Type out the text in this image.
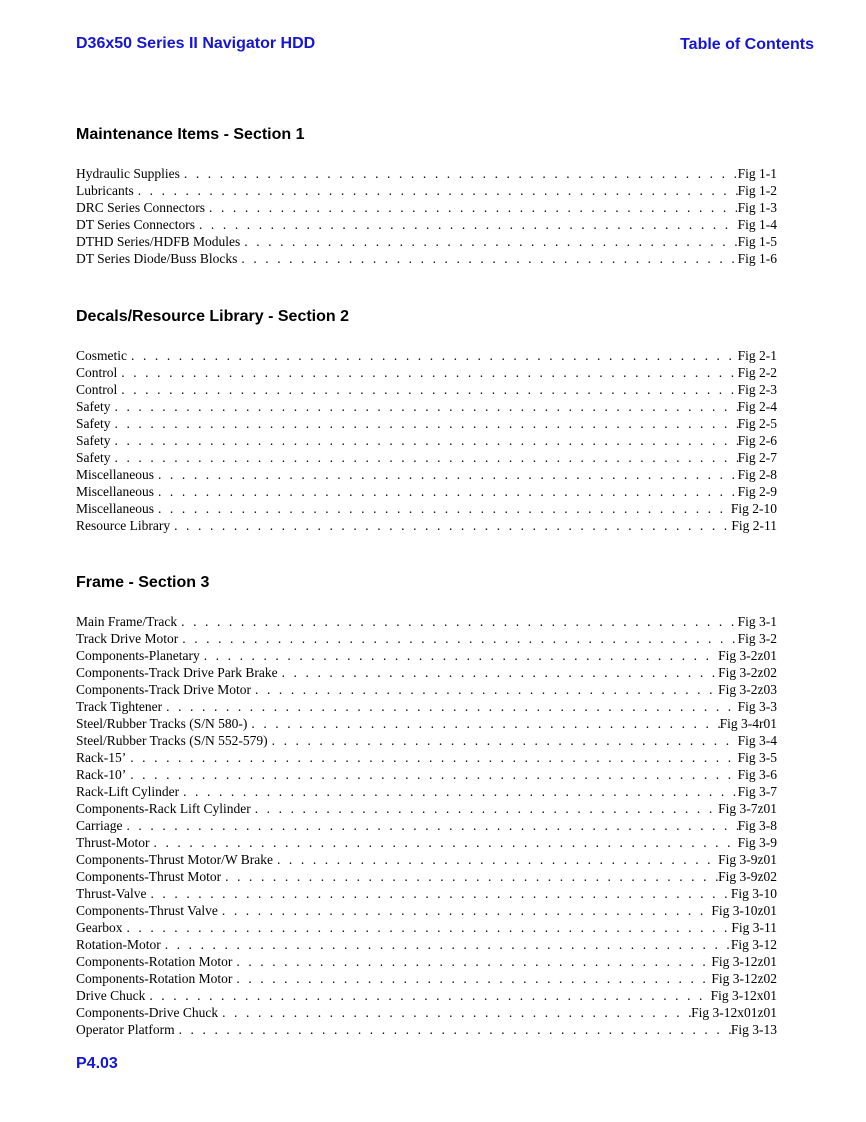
D36x50 Series II Navigator HDD	Table of Contents
Maintenance Items - Section 1
Hydraulic Supplies . . .	Fig 1-1
Lubricants . . .	Fig 1-2
DRC Series Connectors . . .	Fig 1-3
DT Series Connectors . . .	Fig 1-4
DTHD Series/HDFB Modules . . .	Fig 1-5
DT Series Diode/Buss Blocks . . .	Fig 1-6
Decals/Resource Library - Section 2
Cosmetic . . .	Fig 2-1
Control . . .	Fig 2-2
Control . . .	Fig 2-3
Safety . . .	Fig 2-4
Safety . . .	Fig 2-5
Safety . . .	Fig 2-6
Safety . . .	Fig 2-7
Miscellaneous . . .	Fig 2-8
Miscellaneous . . .	Fig 2-9
Miscellaneous . . .	Fig 2-10
Resource Library . . .	Fig 2-11
Frame - Section 3
Main Frame/Track . . .	Fig 3-1
Track Drive Motor . . .	Fig 3-2
Components-Planetary . . .	Fig 3-2z01
Components-Track Drive Park Brake . . .	Fig 3-2z02
Components-Track Drive Motor . . .	Fig 3-2z03
Track Tightener . . .	Fig 3-3
Steel/Rubber Tracks (S/N 580-) . . .	Fig 3-4r01
Steel/Rubber Tracks (S/N 552-579) . . .	Fig 3-4
Rack-15’ . . .	Fig 3-5
Rack-10’ . . .	Fig 3-6
Rack-Lift Cylinder . . .	Fig 3-7
Components-Rack Lift Cylinder . . .	Fig 3-7z01
Carriage . . .	Fig 3-8
Thrust-Motor . . .	Fig 3-9
Components-Thrust Motor/W Brake . . .	Fig 3-9z01
Components-Thrust Motor . . .	Fig 3-9z02
Thrust-Valve . . .	Fig 3-10
Components-Thrust Valve . . .	Fig 3-10z01
Gearbox . . .	Fig 3-11
Rotation-Motor . . .	Fig 3-12
Components-Rotation Motor . . .	Fig 3-12z01
Components-Rotation Motor . . .	Fig 3-12z02
Drive Chuck . . .	Fig 3-12x01
Components-Drive Chuck . . .	Fig 3-12x01z01
Operator Platform . . .	Fig 3-13
P4.03
